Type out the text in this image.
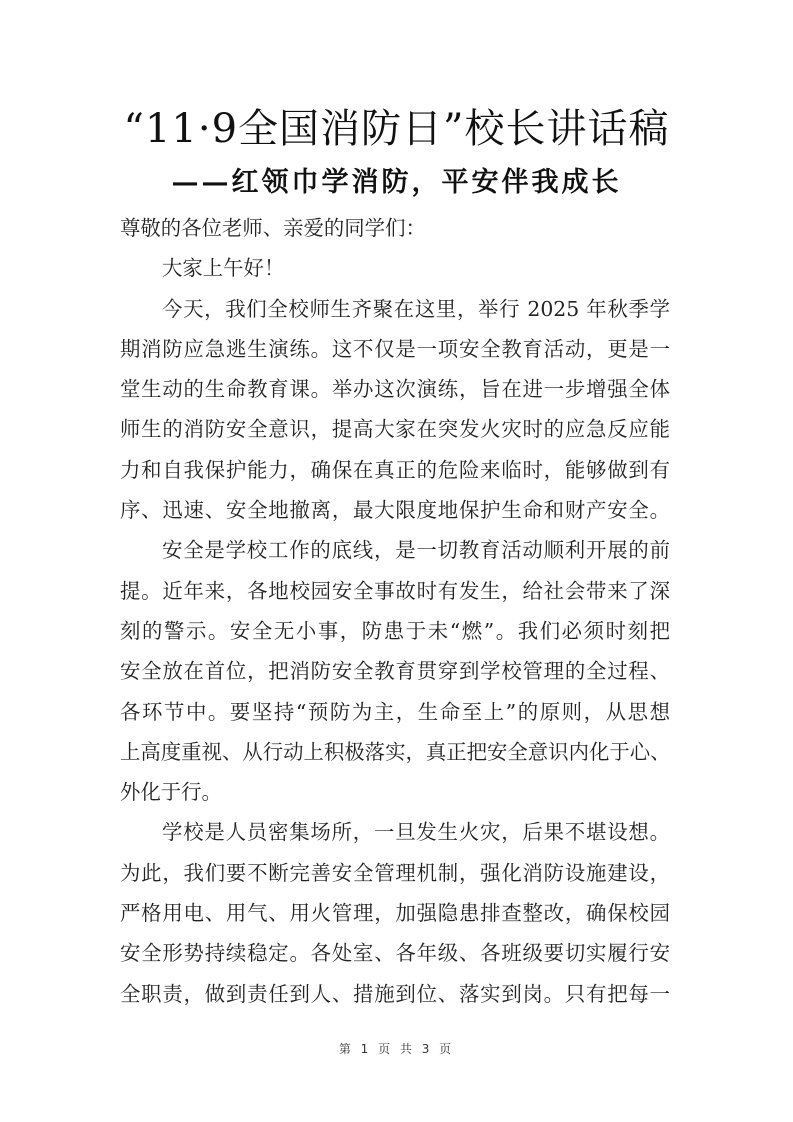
“11·9全国消防日”校长讲话稿
——红领巾学消防，平安伴我成长
尊敬的各位老师、亲爱的同学们：
大家上午好！
今天，我们全校师生齐聚在这里，举行 2025 年秋季学
期消防应急逃生演练。这不仅是一项安全教育活动，更是一
堂生动的生命教育课。举办这次演练，旨在进一步增强全体
师生的消防安全意识，提高大家在突发火灾时的应急反应能
力和自我保护能力，确保在真正的危险来临时，能够做到有
序、迅速、安全地撤离，最大限度地保护生命和财产安全。
安全是学校工作的底线，是一切教育活动顺利开展的前
提。近年来，各地校园安全事故时有发生，给社会带来了深
刻的警示。安全无小事，防患于未“燃”。我们必须时刻把
安全放在首位，把消防安全教育贯穿到学校管理的全过程、
各环节中。要坚持“预防为主，生命至上”的原则，从思想
上高度重视、从行动上积极落实，真正把安全意识内化于心、
外化于行。
学校是人员密集场所，一旦发生火灾，后果不堪设想。
为此，我们要不断完善安全管理机制，强化消防设施建设，
严格用电、用气、用火管理，加强隐患排查整改，确保校园
安全形势持续稳定。各处室、各年级、各班级要切实履行安
全职责，做到责任到人、措施到位、落实到岗。只有把每一
第 1 页 共 3 页
